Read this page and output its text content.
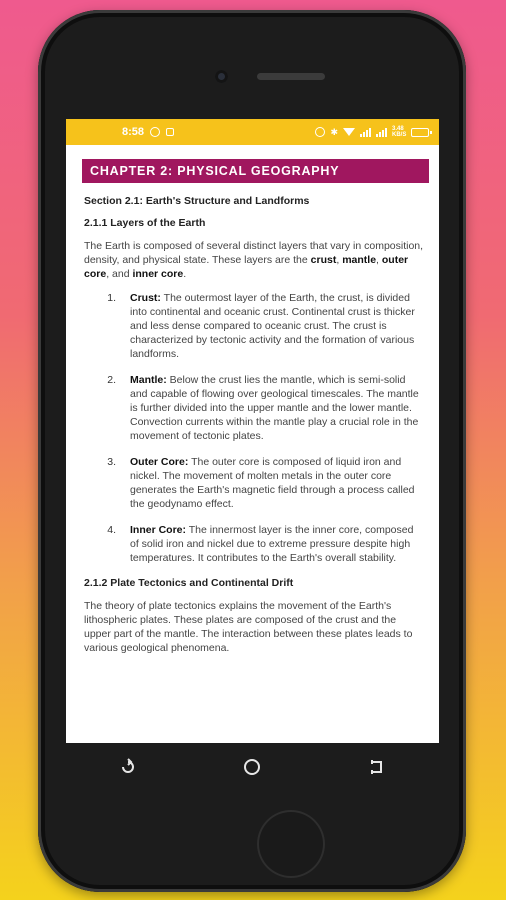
8:58	✱	3.48 KB/S
CHAPTER 2: PHYSICAL GEOGRAPHY
Section 2.1: Earth's Structure and Landforms
2.1.1 Layers of the Earth

The Earth is composed of several distinct layers that vary in composition, density, and physical state. These layers are the crust, mantle, outer core, and inner core.

1.	Crust: The outermost layer of the Earth, the crust, is divided into continental and oceanic crust. Continental crust is thicker and less dense compared to oceanic crust. The crust is characterized by tectonic activity and the formation of various landforms.
2.	Mantle: Below the crust lies the mantle, which is semi-solid and capable of flowing over geological timescales. The mantle is further divided into the upper mantle and the lower mantle. Convection currents within the mantle play a crucial role in the movement of tectonic plates.
3.	Outer Core: The outer core is composed of liquid iron and nickel. The movement of molten metals in the outer core generates the Earth's magnetic field through a process called the geodynamo effect.
4.	Inner Core: The innermost layer is the inner core, composed of solid iron and nickel due to extreme pressure despite high temperatures. It contributes to the Earth's overall stability.
2.1.2 Plate Tectonics and Continental Drift

The theory of plate tectonics explains the movement of the Earth's lithospheric plates. These plates are composed of the crust and the upper part of the mantle. The interaction between these plates leads to various geological phenomena.
